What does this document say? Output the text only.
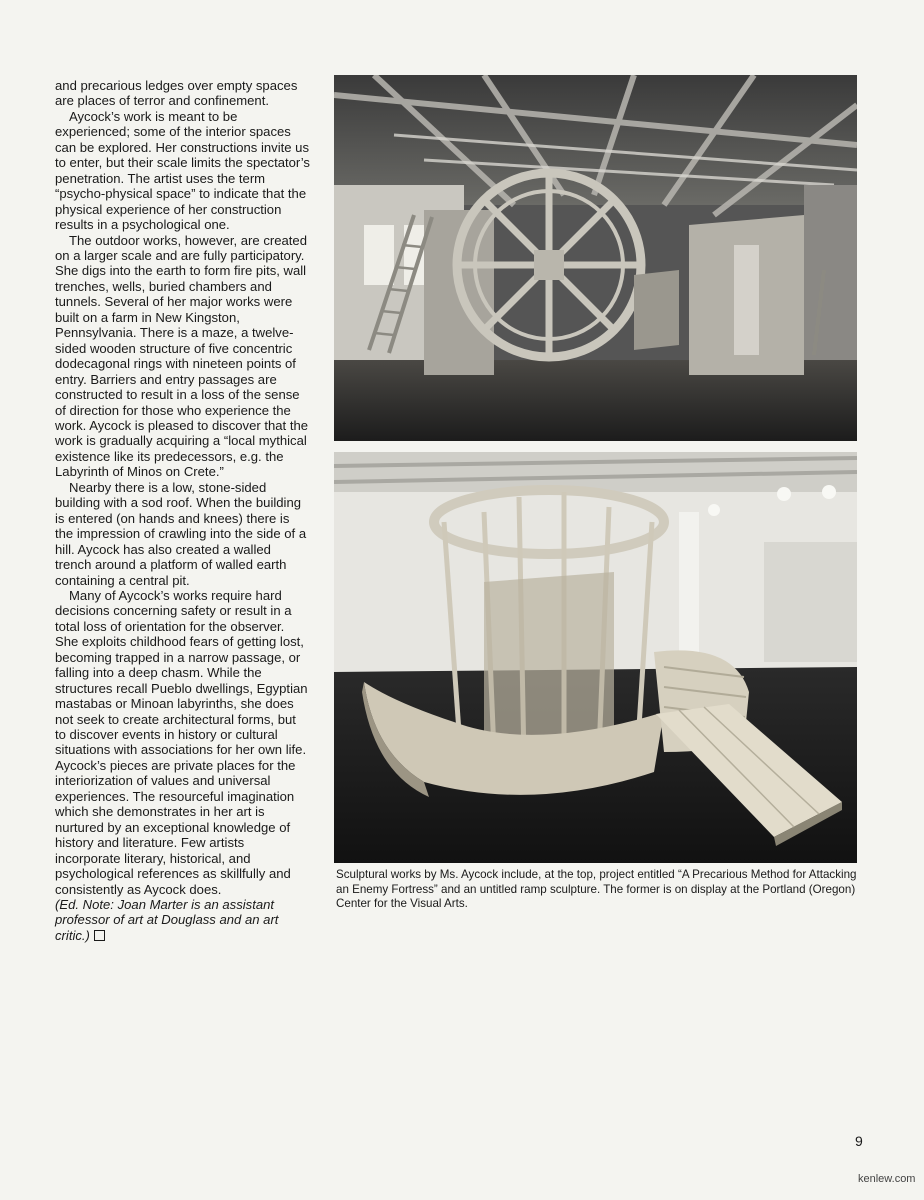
and precarious ledges over empty spaces are places of terror and confinement.

Aycock’s work is meant to be experienced; some of the interior spaces can be explored. Her constructions invite us to enter, but their scale limits the spectator’s penetration. The artist uses the term “psycho-physical space” to indicate that the physical experience of her construction results in a psychological one.

The outdoor works, however, are created on a larger scale and are fully participatory. She digs into the earth to form fire pits, wall trenches, wells, buried chambers and tunnels. Several of her major works were built on a farm in New Kingston, Pennsylvania. There is a maze, a twelve-sided wooden structure of five concentric dodecagonal rings with nineteen points of entry. Barriers and entry passages are constructed to result in a loss of the sense of direction for those who experience the work. Aycock is pleased to discover that the work is gradually acquiring a “local mythical existence like its predecessors, e.g. the Labyrinth of Minos on Crete.”

Nearby there is a low, stone-sided building with a sod roof. When the building is entered (on hands and knees) there is the impression of crawling into the side of a hill. Aycock has also created a walled trench around a platform of walled earth containing a central pit.

Many of Aycock’s works require hard decisions concerning safety or result in a total loss of orientation for the observer. She exploits childhood fears of getting lost, becoming trapped in a narrow passage, or falling into a deep chasm. While the structures recall Pueblo dwellings, Egyptian mastabas or Minoan labyrinths, she does not seek to create architectural forms, but to discover events in history or cultural situations with associations for her own life. Aycock’s pieces are private places for the interiorization of values and universal experiences. The resourceful imagination which she demonstrates in her art is nurtured by an exceptional knowledge of history and literature. Few artists incorporate literary, historical, and psychological references as skillfully and consistently as Aycock does.

(Ed. Note: Joan Marter is an assistant professor of art at Douglass and an art critic.)

Sculptural works by Ms. Aycock include, at the top, project entitled “A Precarious Method for Attacking an Enemy Fortress” and an untitled ramp sculpture. The former is on display at the Portland (Oregon) Center for the Visual Arts.
9
kenlew.com
